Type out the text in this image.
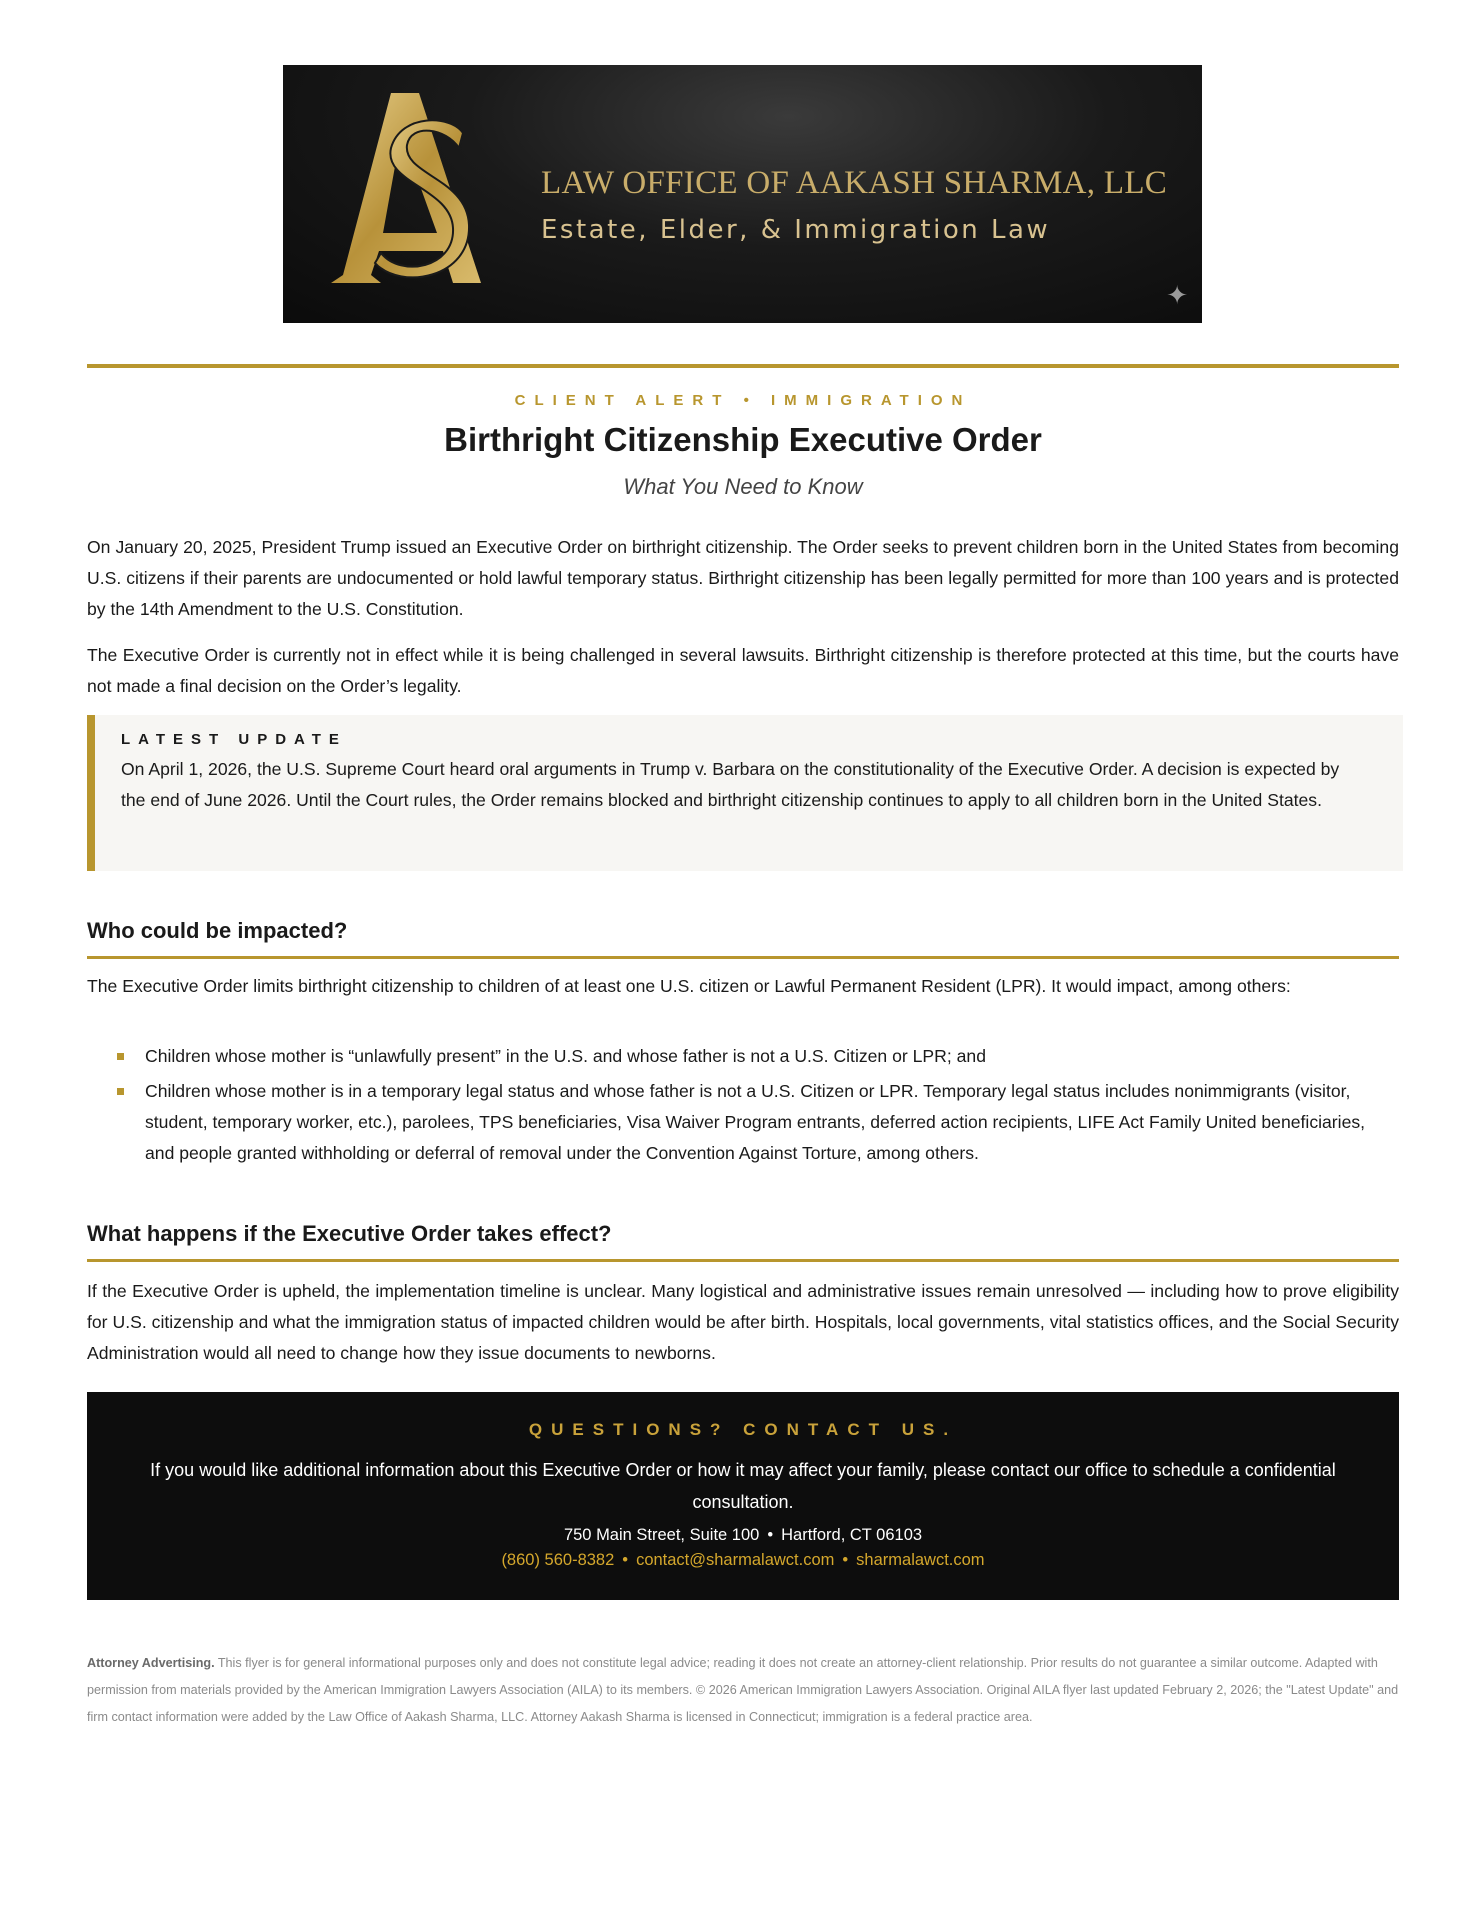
LAW OFFICE OF AAKASH SHARMA, LLC
Estate, Elder, & Immigration Law
✦
CLIENT ALERT • IMMIGRATION
Birthright Citizenship Executive Order
What You Need to Know
On January 20, 2025, President Trump issued an Executive Order on birthright citizenship. The Order seeks to prevent children born in the United States from becoming U.S. citizens if their parents are undocumented or hold lawful temporary status. Birthright citizenship has been legally permitted for more than 100 years and is protected by the 14th Amendment to the U.S. Constitution.
The Executive Order is currently not in effect while it is being challenged in several lawsuits. Birthright citizenship is therefore protected at this time, but the courts have not made a final decision on the Order’s legality.
LATEST UPDATE
On April 1, 2026, the U.S. Supreme Court heard oral arguments in Trump v. Barbara on the constitutionality of the Executive Order. A decision is expected by the end of June 2026. Until the Court rules, the Order remains blocked and birthright citizenship continues to apply to all children born in the United States.
Who could be impacted?
The Executive Order limits birthright citizenship to children of at least one U.S. citizen or Lawful Permanent Resident (LPR). It would impact, among others:
Children whose mother is “unlawfully present” in the U.S. and whose father is not a U.S. Citizen or LPR; and
Children whose mother is in a temporary legal status and whose father is not a U.S. Citizen or LPR. Temporary legal status includes nonimmigrants (visitor, student, temporary worker, etc.), parolees, TPS beneficiaries, Visa Waiver Program entrants, deferred action recipients, LIFE Act Family United beneficiaries, and people granted withholding or deferral of removal under the Convention Against Torture, among others.
What happens if the Executive Order takes effect?
If the Executive Order is upheld, the implementation timeline is unclear. Many logistical and administrative issues remain unresolved — including how to prove eligibility for U.S. citizenship and what the immigration status of impacted children would be after birth. Hospitals, local governments, vital statistics offices, and the Social Security Administration would all need to change how they issue documents to newborns.
QUESTIONS? CONTACT US.
If you would like additional information about this Executive Order or how it may affect your family, please contact our office to schedule a confidential consultation.
750 Main Street, Suite 100 • Hartford, CT 06103
(860) 560-8382 • contact@sharmalawct.com • sharmalawct.com
Attorney Advertising. This flyer is for general informational purposes only and does not constitute legal advice; reading it does not create an attorney-client relationship. Prior results do not guarantee a similar outcome. Adapted with permission from materials provided by the American Immigration Lawyers Association (AILA) to its members. © 2026 American Immigration Lawyers Association. Original AILA flyer last updated February 2, 2026; the "Latest Update" and firm contact information were added by the Law Office of Aakash Sharma, LLC. Attorney Aakash Sharma is licensed in Connecticut; immigration is a federal practice area.
